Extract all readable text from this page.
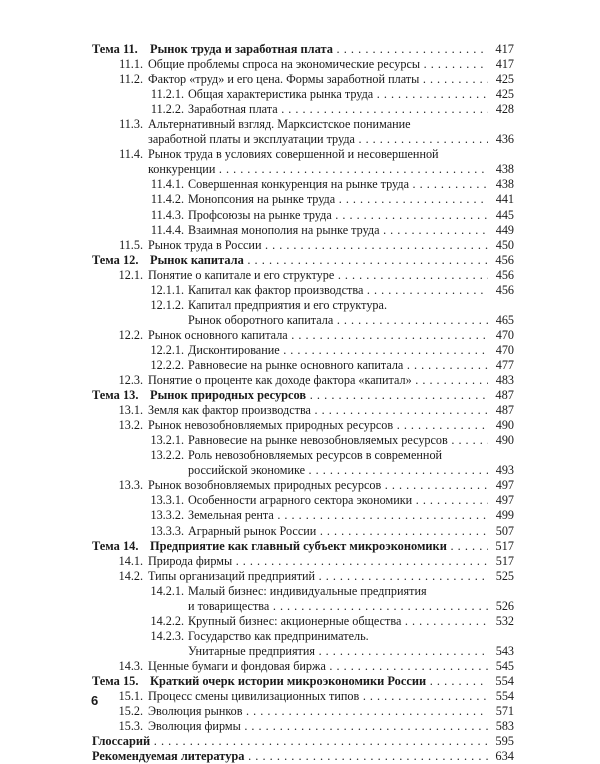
Тема 11. Рынок труда и заработная плата . . .	417
11.1. Общие проблемы спроса на экономические ресурсы . . .	417
11.2. Фактор «труд» и его цена. Формы заработной платы . . .	425
11.2.1. Общая характеристика рынка труда . . .	425
11.2.2. Заработная плата . . .	428
11.3. Альтернативный взгляд. Марксистское понимание
заработной платы и эксплуатации труда . . .	436
11.4. Рынок труда в условиях совершенной и несовершенной
конкуренции . . .	438
11.4.1. Совершенная конкуренция на рынке труда . . .	438
11.4.2. Монопсония на рынке труда . . .	441
11.4.3. Профсоюзы на рынке труда . . .	445
11.4.4. Взаимная монополия на рынке труда . . .	449
11.5. Рынок труда в России . . .	450
Тема 12. Рынок капитала . . .	456
12.1. Понятие о капитале и его структуре . . .	456
12.1.1. Капитал как фактор производства . . .	456
12.1.2. Капитал предприятия и его структура.
Рынок оборотного капитала . . .	465
12.2. Рынок основного капитала . . .	470
12.2.1. Дисконтирование . . .	470
12.2.2. Равновесие на рынке основного капитала . . .	477
12.3. Понятие о проценте как доходе фактора «капитал» . . .	483
Тема 13. Рынок природных ресурсов . . .	487
13.1. Земля как фактор производства . . .	487
13.2. Рынок невозобновляемых природных ресурсов . . .	490
13.2.1. Равновесие на рынке невозобновляемых ресурсов . . .	490
13.2.2. Роль невозобновляемых ресурсов в современной
российской экономике . . .	493
13.3. Рынок возобновляемых природных ресурсов . . .	497
13.3.1. Особенности аграрного сектора экономики . . .	497
13.3.2. Земельная рента . . .	499
13.3.3. Аграрный рынок России . . .	507
Тема 14. Предприятие как главный субъект микроэкономики . . .	517
14.1. Природа фирмы . . .	517
14.2. Типы организаций предприятий . . .	525
14.2.1. Малый бизнес: индивидуальные предприятия
и товарищества . . .	526
14.2.2. Крупный бизнес: акционерные общества . . .	532
14.2.3. Государство как предприниматель.
Унитарные предприятия . . .	543
14.3. Ценные бумаги и фондовая биржа . . .	545
Тема 15. Краткий очерк истории микроэкономики России . . .	554
15.1. Процесс смены цивилизационных типов . . .	554
15.2. Эволюция рынков . . .	571
15.3. Эволюция фирмы . . .	583
Глоссарий . . .	595
Рекомендуемая литература . . .	634
6
